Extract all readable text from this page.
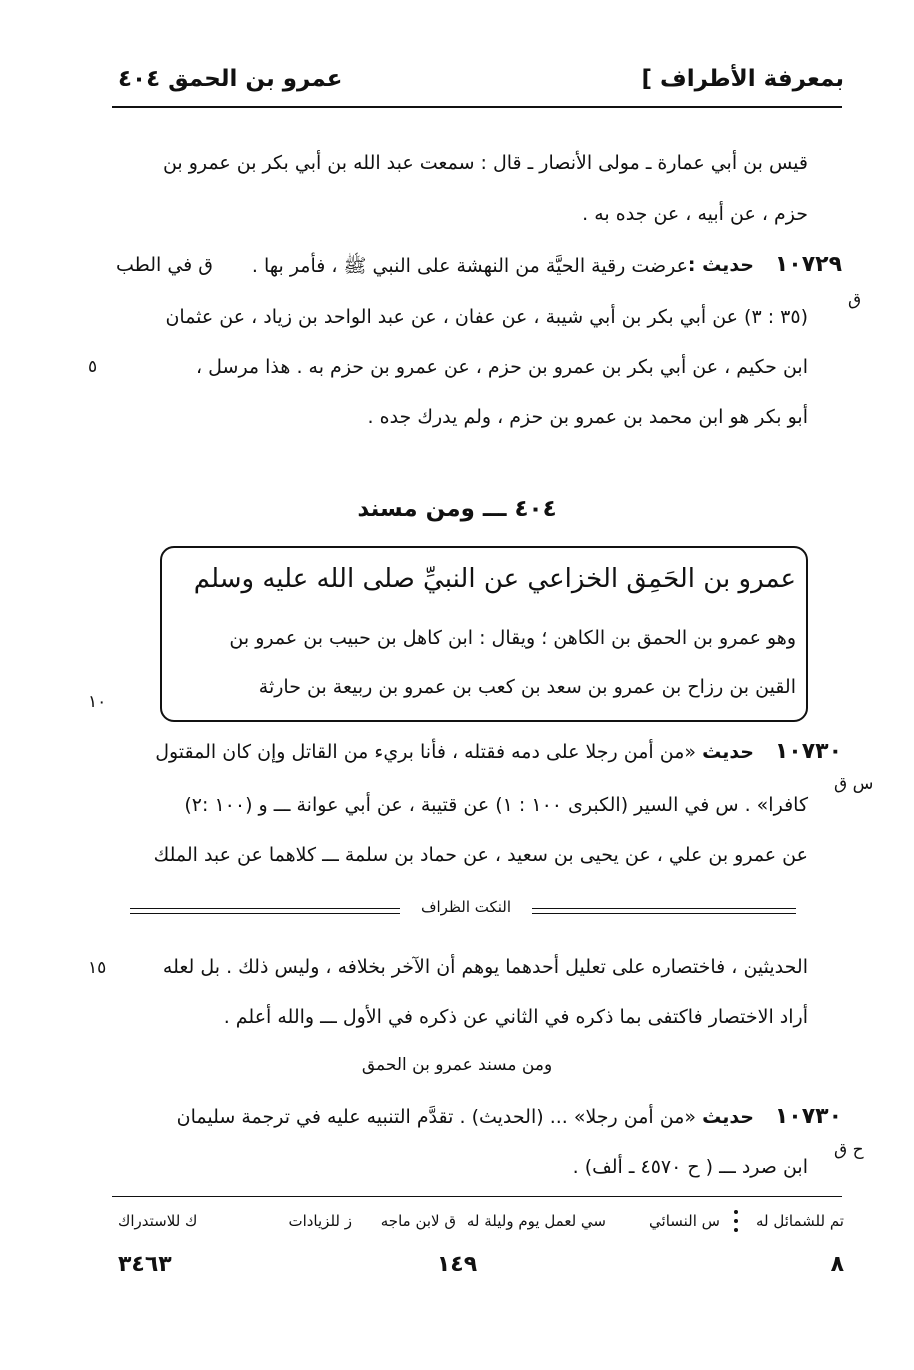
بمعرفة الأطراف ]
عمرو بن الحمق ٤٠٤
قيس بن أبي عمارة ـ مولى الأنصار ـ قال : سمعت عبد الله بن أبي بكر بن عمرو بن
حزم ، عن أبيه ، عن جده به .
١٠٧٢٩
حديث :
عرضت رقية الحيَّة من النهشة على النبي ﷺ ، فأمر بها .
ق في الطب
ق
(٣٥ : ٣) عن أبي بكر بن أبي شيبة ، عن عفان ، عن عبد الواحد بن زياد ، عن عثمان
ابن حكيم ، عن أبي بكر بن عمرو بن حزم ، عن عمرو بن حزم به . هذا مرسل ،
٥
أبو بكر هو ابن محمد بن عمرو بن حزم ، ولم يدرك جده .
٤٠٤ ـــ ومن مسند
عمرو بن الحَمِق الخزاعي عن النبيِّ صلى الله عليه وسلم
وهو عمرو بن الحمق بن الكاهن ؛ ويقال : ابن كاهل بن حبيب بن عمرو بن
القين بن رزاح بن عمرو بن سعد بن كعب بن عمرو بن ربيعة بن حارثة
١٠
١٠٧٣٠
حديث
«من أمن رجلا على دمه فقتله ، فأنا بريء من القاتل وإن كان المقتول
س ق
كافرا» . س في السير (الكبرى ١٠٠ : ١) عن قتيبة ، عن أبي عوانة ـــ و (١٠٠ :٢)
عن عمرو بن علي ، عن يحيى بن سعيد ، عن حماد بن سلمة ـــ كلاهما عن عبد الملك
النكت الظراف
الحديثين ، فاختصاره على تعليل أحدهما يوهم أن الآخر بخلافه ، وليس ذلك . بل لعله
١٥
أراد الاختصار فاكتفى بما ذكره في الثاني عن ذكره في الأول ـــ والله أعلم .
ومن مسند عمرو بن الحمق
١٠٧٣٠
حديث
«من أمن رجلا» ... (الحديث) . تقدَّم التنبيه عليه في ترجمة سليمان
ح ق
ابن صرد ـــ ( ح ٤٥٧٠ ـ ألف) .
تم للشمائل له
س النسائي
سي لعمل يوم وليلة له
ق لابن ماجه
ز للزيادات
ك للاستدراك
٨
١٤٩
٣٤٦٣
